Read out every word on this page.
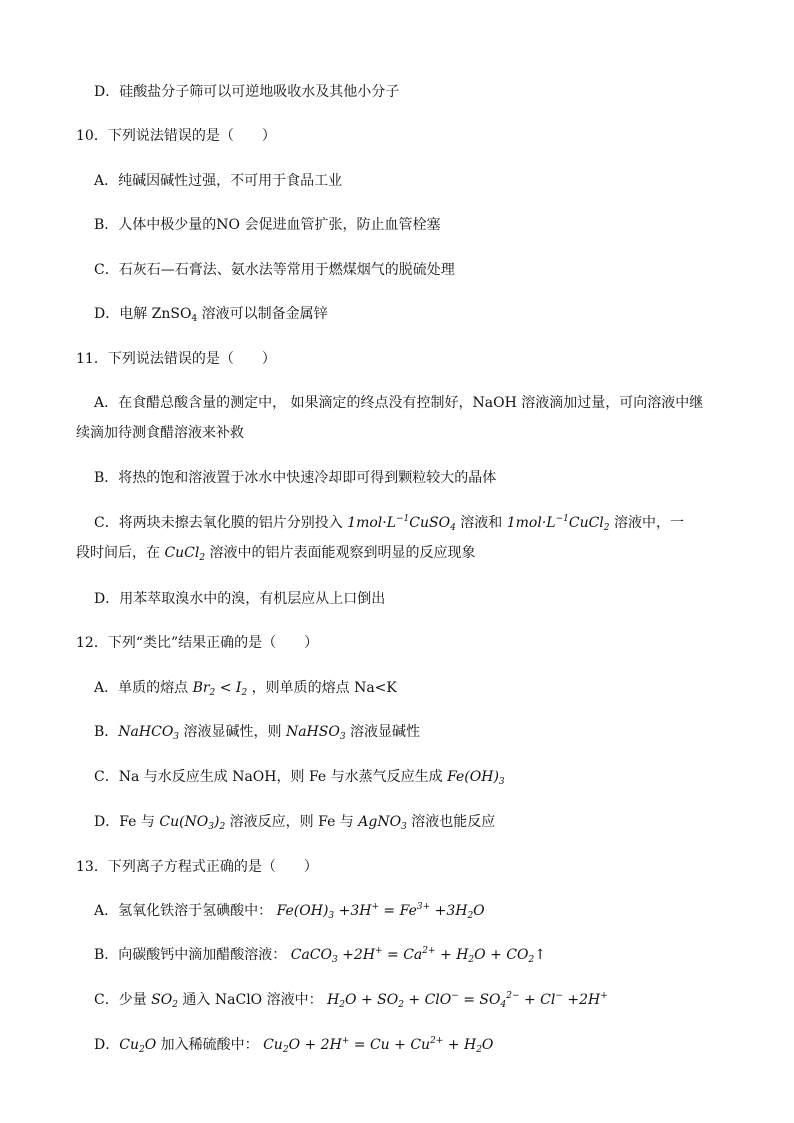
D．硅酸盐分子筛可以可逆地吸收水及其他小分子
10．下列说法错误的是（　　）
A．纯碱因碱性过强，不可用于食品工业
B．人体中极少量的NO 会促进血管扩张，防止血管栓塞
C．石灰石—石膏法、氨水法等常用于燃煤烟气的脱硫处理
D．电解 ZnSO$_4$ 溶液可以制备金属锌
11．下列说法错误的是（　　）
A．在食醋总酸含量的测定中， 如果滴定的终点没有控制好，NaOH 溶液滴加过量，可向溶液中继
续滴加待测食醋溶液来补救
B．将热的饱和溶液置于冰水中快速冷却即可得到颗粒较大的晶体
C．将两块未擦去氧化膜的铝片分别投入 $1mol\cdot L^{-1}CuSO_4$ 溶液和 $1mol\cdot L^{-1}CuCl_2$ 溶液中，一
段时间后，在 CuCl$_2$ 溶液中的铝片表面能观察到明显的反应现象
D．用苯萃取溴水中的溴，有机层应从上口倒出
12．下列“类比”结果正确的是（　　）
A．单质的熔点 $Br_2 < I_2$ ，则单质的熔点 Na<K
B．NaHCO$_3$ 溶液显碱性，则 NaHSO$_3$ 溶液显碱性
C．Na 与水反应生成 NaOH，则 Fe 与水蒸气反应生成 $Fe(OH)_3$
D．Fe 与 $Cu(NO_3)_2$ 溶液反应，则 Fe 与 AgNO$_3$ 溶液也能反应
13．下列离子方程式正确的是（　　）
A．氢氧化铁溶于氢碘酸中： $Fe(OH)_3 +3H^+ = Fe^{3+} +3H_2O$
B．向碳酸钙中滴加醋酸溶液： CaCO$_3$ $+2H^+ = Ca^{2+} + H_2O$ + $CO_2↑$
C．少量 $SO_2$ 通入 NaClO 溶液中： $H_2O + SO_2 + ClO^- = SO_4^{2-} + Cl^- +2H^+$
D．$Cu_2O$ 加入稀硫酸中： $Cu_2O + 2H^+ = Cu + Cu^{2+} + H_2O$
